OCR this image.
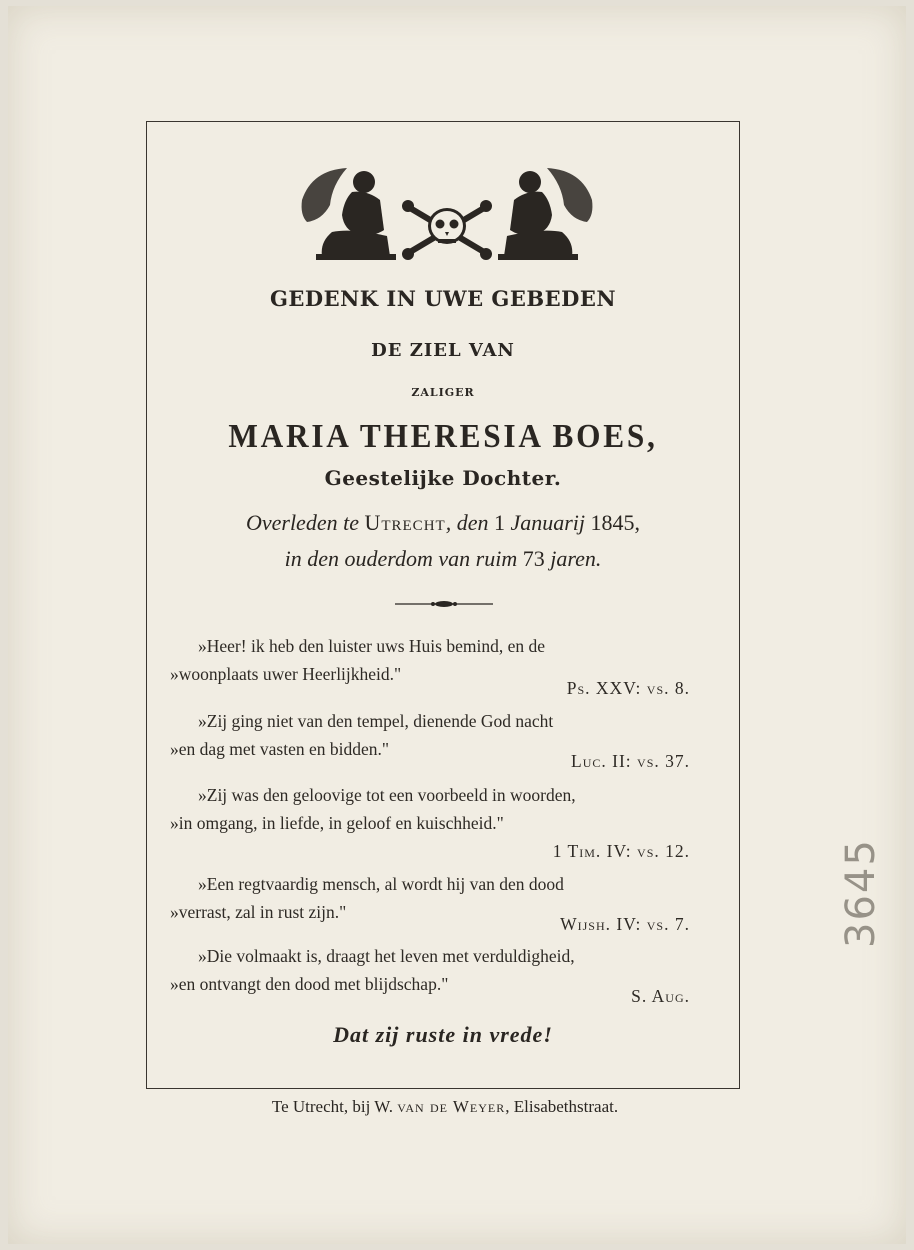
GEDENK IN UWE GEBEDEN
DE ZIEL VAN
ZALIGER
MARIA THERESIA BOES,
Geestelijke Dochter.
Overleden te Utrecht, den 1 Januarij 1845,
in den ouderdom van ruim 73 jaren.
»Heer! ik heb den luister uws Huis bemind, en de
»woonplaats uwer Heerlijkheid."
Ps. XXV: vs. 8.
»Zij ging niet van den tempel, dienende God nacht
»en dag met vasten en bidden."
Luc. II: vs. 37.
»Zij was den geloovige tot een voorbeeld in woorden,
»in omgang, in liefde, in geloof en kuischheid."
1 Tim. IV: vs. 12.
»Een regtvaardig mensch, al wordt hij van den dood
»verrast, zal in rust zijn."
Wijsh. IV: vs. 7.
»Die volmaakt is, draagt het leven met verduldigheid,
»en ontvangt den dood met blijdschap."
S. Aug.
Dat zij ruste in vrede!
Te Utrecht, bij W. van de Weyer, Elisabethstraat.
3645
